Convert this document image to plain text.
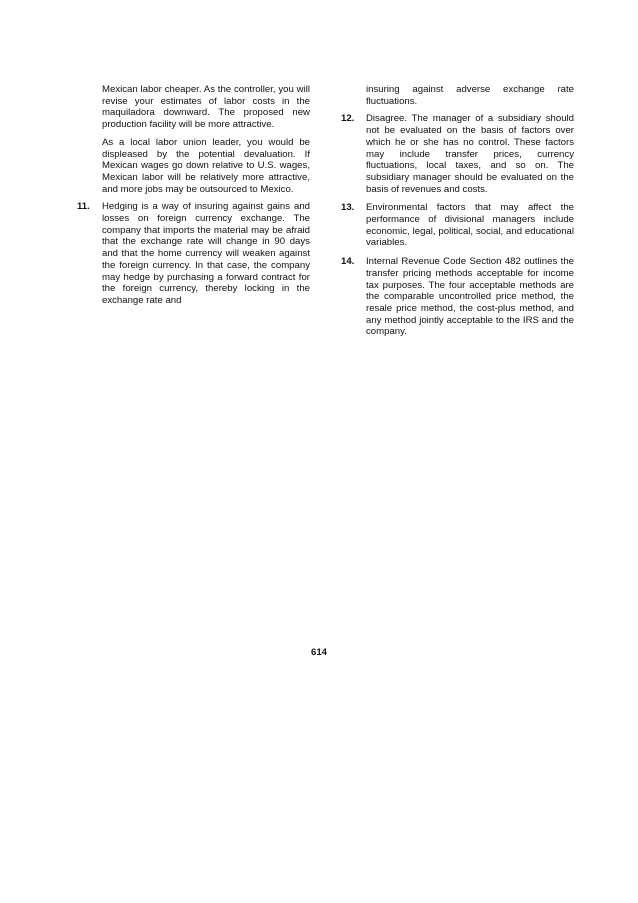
Mexican labor cheaper. As the controller, you will revise your estimates of labor costs in the maquiladora downward. The proposed new production facility will be more attractive.

As a local labor union leader, you would be displeased by the potential devaluation. If Mexican wages go down relative to U.S. wages, Mexican labor will be relatively more attractive, and more jobs may be outsourced to Mexico.

11. Hedging is a way of insuring against gains and losses on foreign currency exchange. The company that imports the material may be afraid that the exchange rate will change in 90 days and that the home currency will weaken against the foreign currency. In that case, the company may hedge by purchasing a forward contract for the foreign currency, thereby locking in the exchange rate and

insuring against adverse exchange rate fluctuations.

12. Disagree. The manager of a subsidiary should not be evaluated on the basis of factors over which he or she has no control. These factors may include transfer prices, currency fluctuations, local taxes, and so on. The subsidiary manager should be evaluated on the basis of revenues and costs.
13. Environmental factors that may affect the performance of divisional managers include economic, legal, political, social, and educational variables.
14. Internal Revenue Code Section 482 outlines the transfer pricing methods acceptable for income tax purposes. The four acceptable methods are the comparable uncontrolled price method, the resale price method, the cost-plus method, and any method jointly acceptable to the IRS and the company.
614
